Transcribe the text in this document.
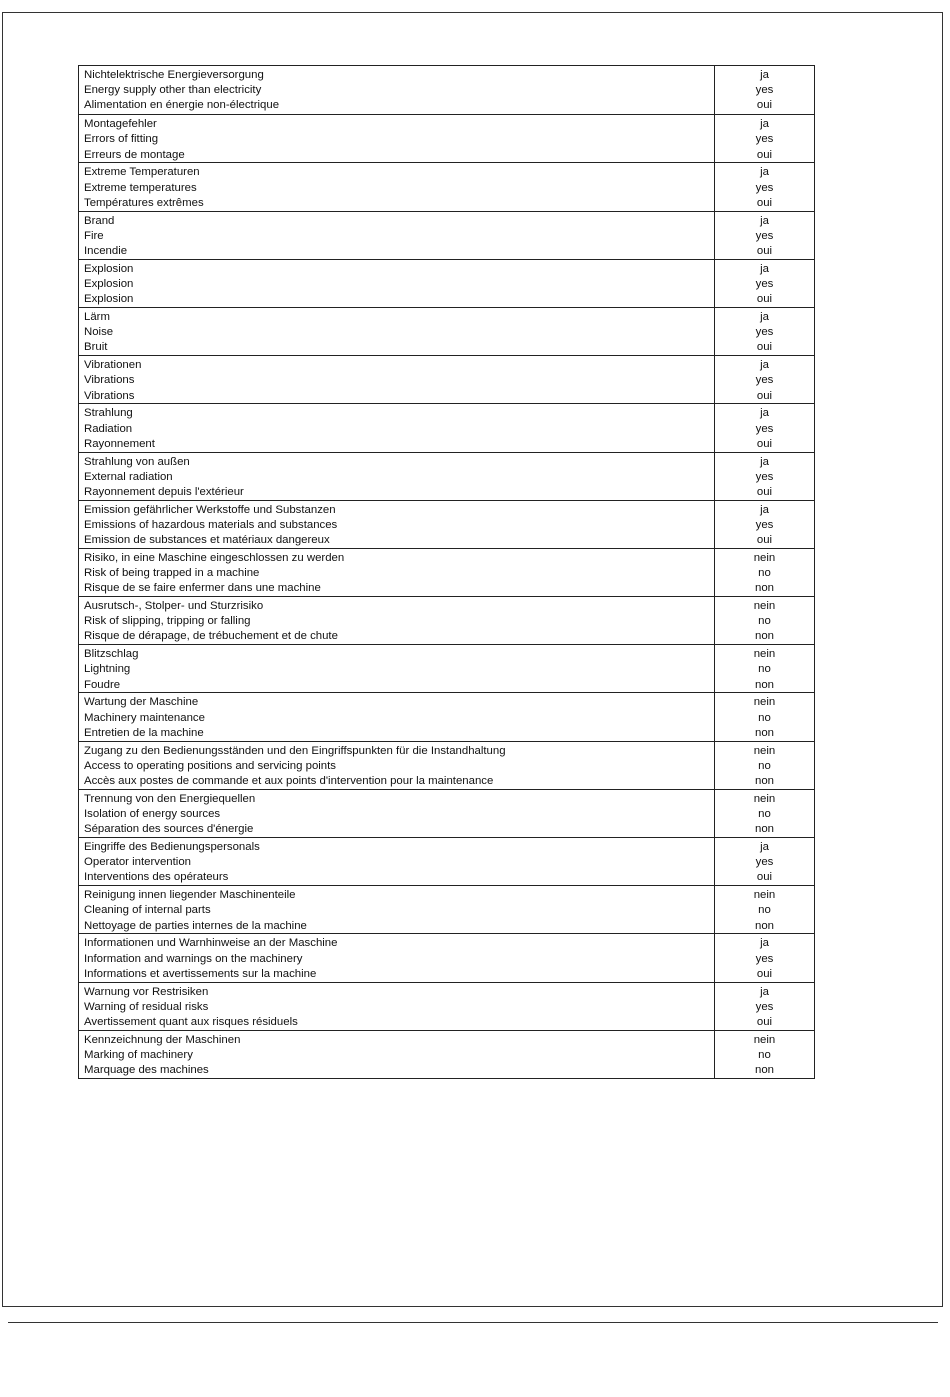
Nichtelektrische Energieversorgung
Energy supply other than electricity
Alimentation en énergie non-électrique
ja
yes
oui
Montagefehler
Errors of fitting
Erreurs de montage
ja
yes
oui
Extreme Temperaturen
Extreme temperatures
Températures extrêmes
ja
yes
oui
Brand
Fire
Incendie
ja
yes
oui
Explosion
Explosion
Explosion
ja
yes
oui
Lärm
Noise
Bruit
ja
yes
oui
Vibrationen
Vibrations
Vibrations
ja
yes
oui
Strahlung
Radiation
Rayonnement
ja
yes
oui
Strahlung von außen
External radiation
Rayonnement depuis l'extérieur
ja
yes
oui
Emission gefährlicher Werkstoffe und Substanzen
Emissions of hazardous materials and substances
Emission de substances et matériaux dangereux
ja
yes
oui
Risiko, in eine Maschine eingeschlossen zu werden
Risk of being trapped in a machine
Risque de se faire enfermer dans une machine
nein
no
non
Ausrutsch-, Stolper- und Sturzrisiko
Risk of slipping, tripping or falling
Risque de dérapage, de trébuchement et de chute
nein
no
non
Blitzschlag
Lightning
Foudre
nein
no
non
Wartung der Maschine
Machinery maintenance
Entretien de la machine
nein
no
non
Zugang zu den Bedienungsständen und den Eingriffspunkten für die Instandhaltung
Access to operating positions and servicing points
Accès aux postes de commande et aux points d'intervention pour la maintenance
nein
no
non
Trennung von den Energiequellen
Isolation of energy sources
Séparation des sources d'énergie
nein
no
non
Eingriffe des Bedienungspersonals
Operator intervention
Interventions des opérateurs
ja
yes
oui
Reinigung innen liegender Maschinenteile
Cleaning of internal parts
Nettoyage de parties internes de la machine
nein
no
non
Informationen und Warnhinweise an der Maschine
Information and warnings on the machinery
Informations et avertissements sur la machine
ja
yes
oui
Warnung vor Restrisiken
Warning of residual risks
Avertissement quant aux risques résiduels
ja
yes
oui
Kennzeichnung der Maschinen
Marking of machinery
Marquage des machines
nein
no
non
